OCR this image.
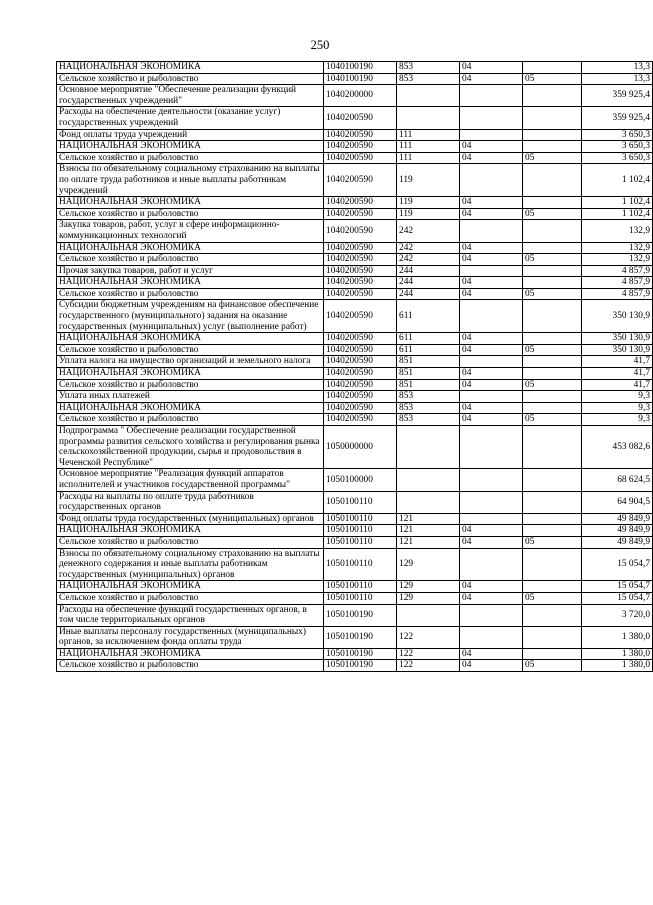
250
НАЦИОНАЛЬНАЯ ЭКОНОМИКА	1040100190	853	04		13,3
Сельское хозяйство и рыболовство	1040100190	853	04	05	13,3
Основное мероприятие "Обеспечение реализации функций государственных учреждений"	1040200000				359 925,4
Расходы на обеспечение деятельности (оказание услуг) государственных учреждений	1040200590				359 925,4
Фонд оплаты труда учреждений	1040200590	111			3 650,3
НАЦИОНАЛЬНАЯ ЭКОНОМИКА	1040200590	111	04		3 650,3
Сельское хозяйство и рыболовство	1040200590	111	04	05	3 650,3
Взносы по обязательному социальному страхованию на выплаты по оплате труда работников и иные выплаты работникам учреждений	1040200590	119			1 102,4
НАЦИОНАЛЬНАЯ ЭКОНОМИКА	1040200590	119	04		1 102,4
Сельское хозяйство и рыболовство	1040200590	119	04	05	1 102,4
Закупка товаров, работ, услуг в сфере информационно-коммуникационных технологий	1040200590	242			132,9
НАЦИОНАЛЬНАЯ ЭКОНОМИКА	1040200590	242	04		132,9
Сельское хозяйство и рыболовство	1040200590	242	04	05	132,9
Прочая закупка товаров, работ и услуг	1040200590	244			4 857,9
НАЦИОНАЛЬНАЯ ЭКОНОМИКА	1040200590	244	04		4 857,9
Сельское хозяйство и рыболовство	1040200590	244	04	05	4 857,9
Субсидии бюджетным учреждениям на финансовое обеспечение государственного (муниципального) задания на оказание государственных (муниципальных) услуг (выполнение работ)	1040200590	611			350 130,9
НАЦИОНАЛЬНАЯ ЭКОНОМИКА	1040200590	611	04		350 130,9
Сельское хозяйство и рыболовство	1040200590	611	04	05	350 130,9
Уплата налога на имущество организаций и земельного налога	1040200590	851			41,7
НАЦИОНАЛЬНАЯ ЭКОНОМИКА	1040200590	851	04		41,7
Сельское хозяйство и рыболовство	1040200590	851	04	05	41,7
Уплата иных платежей	1040200590	853			9,3
НАЦИОНАЛЬНАЯ ЭКОНОМИКА	1040200590	853	04		9,3
Сельское хозяйство и рыболовство	1040200590	853	04	05	9,3
Подпрограмма " Обеспечение реализации государственной программы развития сельского хозяйства и регулирования рынка сельскохозяйственной продукции, сырья и продовольствия в Чеченской Республике"	1050000000				453 082,6
Основное мероприятие "Реализация функций аппаратов исполнителей и участников государственной программы"	1050100000				68 624,5
Расходы на выплаты по оплате труда работников государственных органов	1050100110				64 904,5
Фонд оплаты труда государственных (муниципальных) органов	1050100110	121			49 849,9
НАЦИОНАЛЬНАЯ ЭКОНОМИКА	1050100110	121	04		49 849,9
Сельское хозяйство и рыболовство	1050100110	121	04	05	49 849,9
Взносы по обязательному социальному страхованию на выплаты денежного содержания и иные выплаты работникам государственных (муниципальных) органов	1050100110	129			15 054,7
НАЦИОНАЛЬНАЯ ЭКОНОМИКА	1050100110	129	04		15 054,7
Сельское хозяйство и рыболовство	1050100110	129	04	05	15 054,7
Расходы на обеспечение функций государственных органов, в том числе территориальных органов	1050100190				3 720,0
Иные выплаты персоналу государственных (муниципальных) органов, за исключением фонда оплаты труда	1050100190	122			1 380,0
НАЦИОНАЛЬНАЯ ЭКОНОМИКА	1050100190	122	04		1 380,0
Сельское хозяйство и рыболовство	1050100190	122	04	05	1 380,0
